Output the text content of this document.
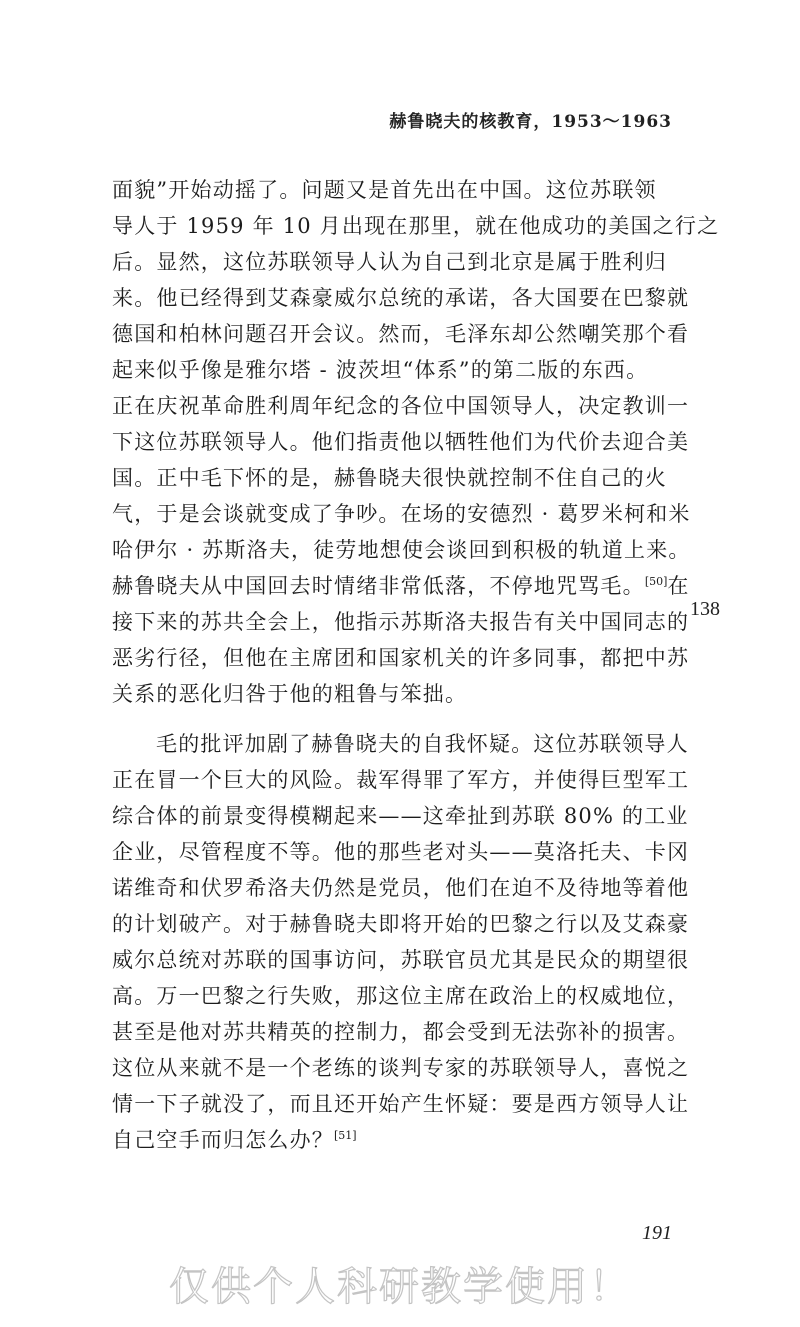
赫鲁晓夫的核教育，1953～1963
面貌”开始动摇了。问题又是首先出在中国。这位苏联领
导人于 1959 年 10 月出现在那里，就在他成功的美国之行之
后。显然，这位苏联领导人认为自己到北京是属于胜利归
来。他已经得到艾森豪威尔总统的承诺，各大国要在巴黎就
德国和柏林问题召开会议。然而，毛泽东却公然嘲笑那个看
起来似乎像是雅尔塔 - 波茨坦“体系”的第二版的东西。
正在庆祝革命胜利周年纪念的各位中国领导人，决定教训一
下这位苏联领导人。他们指责他以牺牲他们为代价去迎合美
国。正中毛下怀的是，赫鲁晓夫很快就控制不住自己的火
气，于是会谈就变成了争吵。在场的安德烈 · 葛罗米柯和米
哈伊尔 · 苏斯洛夫，徒劳地想使会谈回到积极的轨道上来。
赫鲁晓夫从中国回去时情绪非常低落，不停地咒骂毛。[50]在
接下来的苏共全会上，他指示苏斯洛夫报告有关中国同志的
恶劣行径，但他在主席团和国家机关的许多同事，都把中苏
关系的恶化归咎于他的粗鲁与笨拙。
毛的批评加剧了赫鲁晓夫的自我怀疑。这位苏联领导人
正在冒一个巨大的风险。裁军得罪了军方，并使得巨型军工
综合体的前景变得模糊起来——这牵扯到苏联 80% 的工业
企业，尽管程度不等。他的那些老对头——莫洛托夫、卡冈
诺维奇和伏罗希洛夫仍然是党员，他们在迫不及待地等着他
的计划破产。对于赫鲁晓夫即将开始的巴黎之行以及艾森豪
威尔总统对苏联的国事访问，苏联官员尤其是民众的期望很
高。万一巴黎之行失败，那这位主席在政治上的权威地位，
甚至是他对苏共精英的控制力，都会受到无法弥补的损害。
这位从来就不是一个老练的谈判专家的苏联领导人，喜悦之
情一下子就没了，而且还开始产生怀疑：要是西方领导人让
自己空手而归怎么办？[51]
138
191
仅供个人科研教学使用！
